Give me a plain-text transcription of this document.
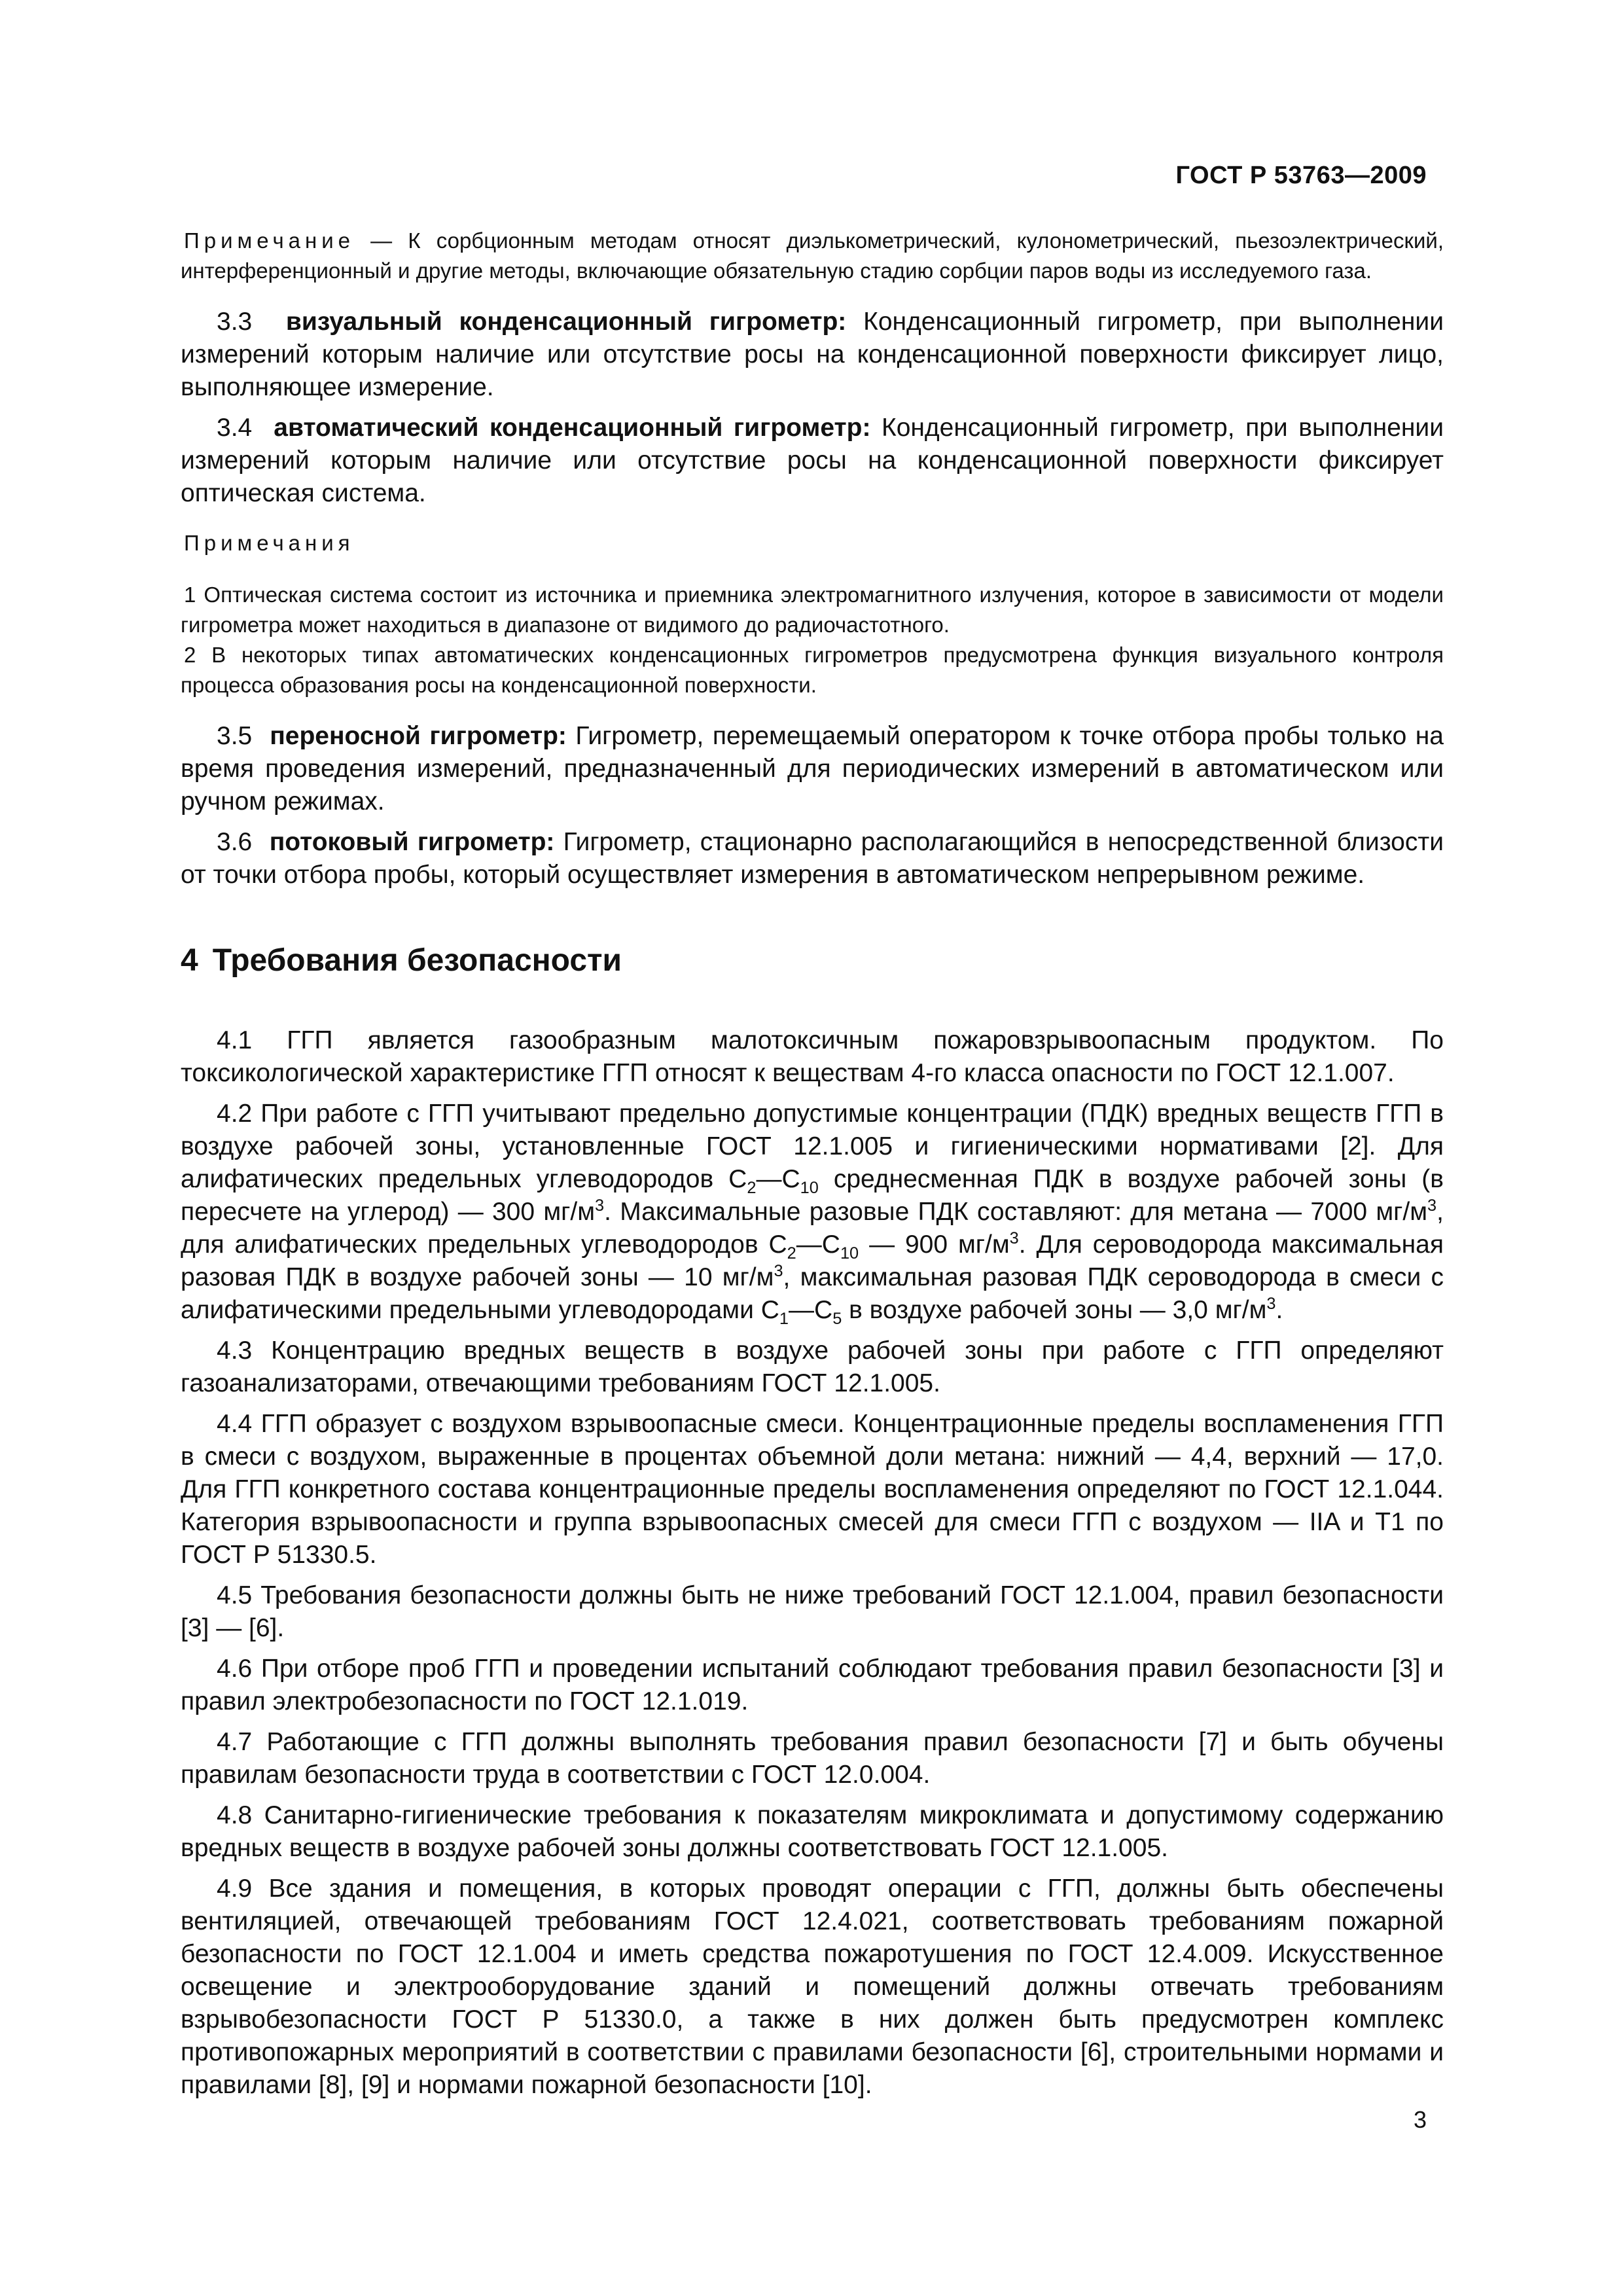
ГОСТ Р 53763—2009

Примечание — К сорбционным методам относят диэлькометрический, кулонометрический, пьезоэлектрический, интерференционный и другие методы, включающие обязательную стадию сорбции паров воды из исследуемого газа.

3.3 визуальный конденсационный гигрометр: Конденсационный гигрометр, при выполнении измерений которым наличие или отсутствие росы на конденсационной поверхности фиксирует лицо, выполняющее измерение.

3.4 автоматический конденсационный гигрометр: Конденсационный гигрометр, при выполнении измерений которым наличие или отсутствие росы на конденсационной поверхности фиксирует оптическая система.

Примечания

1 Оптическая система состоит из источника и приемника электромагнитного излучения, которое в зависимости от модели гигрометра может находиться в диапазоне от видимого до радиочастотного.

2 В некоторых типах автоматических конденсационных гигрометров предусмотрена функция визуального контроля процесса образования росы на конденсационной поверхности.

3.5 переносной гигрометр: Гигрометр, перемещаемый оператором к точке отбора пробы только на время проведения измерений, предназначенный для периодических измерений в автоматическом или ручном режимах.

3.6 потоковый гигрометр: Гигрометр, стационарно располагающийся в непосредственной близости от точки отбора пробы, который осуществляет измерения в автоматическом непрерывном режиме.

4 Требования безопасности

4.1 ГГП является газообразным малотоксичным пожаровзрывоопасным продуктом. По токсикологической характеристике ГГП относят к веществам 4-го класса опасности по ГОСТ 12.1.007.

4.2 При работе с ГГП учитывают предельно допустимые концентрации (ПДК) вредных веществ ГГП в воздухе рабочей зоны, установленные ГОСТ 12.1.005 и гигиеническими нормативами [2]. Для алифатических предельных углеводородов $С_2—С_{10}$ среднесменная ПДК в воздухе рабочей зоны (в пересчете на углерод) — 300 $мг/м^3$. Максимальные разовые ПДК составляют: для метана — 7000 $мг/м^3$, для алифатических предельных углеводородов $С_2—С_{10}$ — 900 $мг/м^3$. Для сероводорода максимальная разовая ПДК в воздухе рабочей зоны — 10 $мг/м^3$, максимальная разовая ПДК сероводорода в смеси с алифатическими предельными углеводородами $С_1—С_5$ в воздухе рабочей зоны — 3,0 $мг/м^3$.

4.3 Концентрацию вредных веществ в воздухе рабочей зоны при работе с ГГП определяют газоанализаторами, отвечающими требованиям ГОСТ 12.1.005.

4.4 ГГП образует с воздухом взрывоопасные смеси. Концентрационные пределы воспламенения ГГП в смеси с воздухом, выраженные в процентах объемной доли метана: нижний — 4,4, верхний — 17,0. Для ГГП конкретного состава концентрационные пределы воспламенения определяют по ГОСТ 12.1.044. Категория взрывоопасности и группа взрывоопасных смесей для смеси ГГП с воздухом — IIA и Т1 по ГОСТ Р 51330.5.

4.5 Требования безопасности должны быть не ниже требований ГОСТ 12.1.004, правил безопасности [3] — [6].

4.6 При отборе проб ГГП и проведении испытаний соблюдают требования правил безопасности [3] и правил электробезопасности по ГОСТ 12.1.019.

4.7 Работающие с ГГП должны выполнять требования правил безопасности [7] и быть обучены правилам безопасности труда в соответствии с ГОСТ 12.0.004.

4.8 Санитарно-гигиенические требования к показателям микроклимата и допустимому содержанию вредных веществ в воздухе рабочей зоны должны соответствовать ГОСТ 12.1.005.

4.9 Все здания и помещения, в которых проводят операции с ГГП, должны быть обеспечены вентиляцией, отвечающей требованиям ГОСТ 12.4.021, соответствовать требованиям пожарной безопасности по ГОСТ 12.1.004 и иметь средства пожаротушения по ГОСТ 12.4.009. Искусственное освещение и электрооборудование зданий и помещений должны отвечать требованиям взрывобезопасности ГОСТ Р 51330.0, а также в них должен быть предусмотрен комплекс противопожарных мероприятий в соответствии с правилами безопасности [6], строительными нормами и правилами [8], [9] и нормами пожарной безопасности [10].

3
